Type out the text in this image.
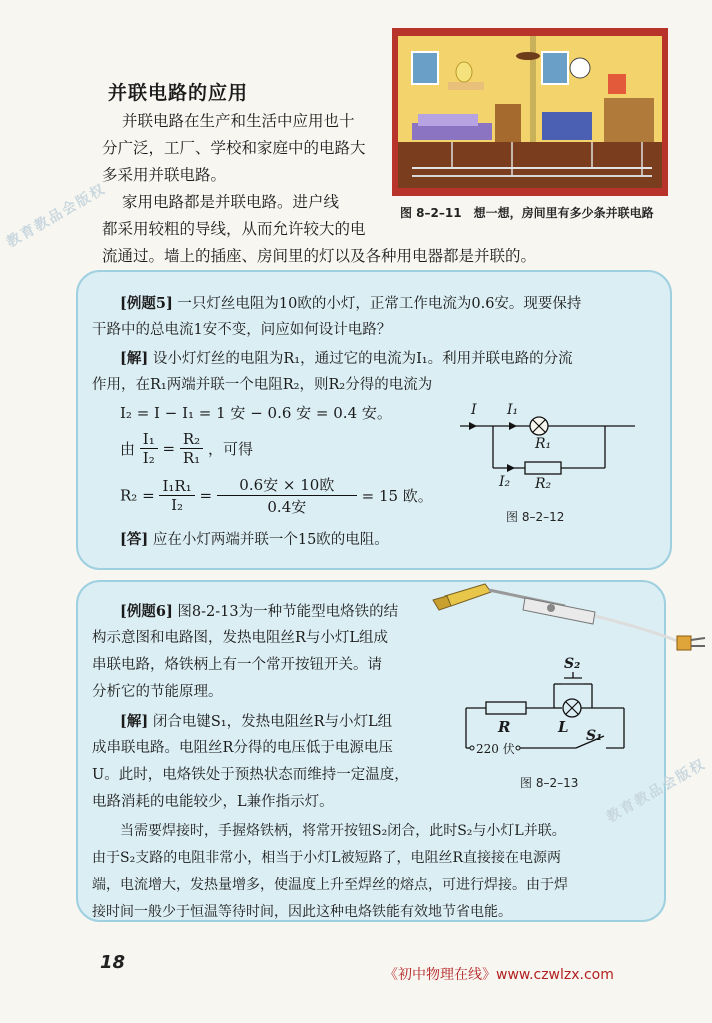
并联电路的应用
并联电路在生产和生活中应用也十
分广泛，工厂、学校和家庭中的电路大
多采用并联电路。
家用电路都是并联电路。进户线
都采用较粗的导线，从而允许较大的电
流通过。墙上的插座、房间里的灯以及各种用电器都是并联的。
图 8–2–11　想一想，房间里有多少条并联电路
教育教品会版权
[例题5] 一只灯丝电阻为10欧的小灯，正常工作电流为0.6安。现要保持
干路中的总电流1安不变，问应如何设计电路？
[解] 设小灯灯丝的电阻为R₁，通过它的电流为I₁。利用并联电路的分流
作用，在R₁两端并联一个电阻R₂，则R₂分得的电流为
I₂ = I − I₁ = 1 安 − 0.6 安 = 0.4 安。
由 $\frac{\text{I₁}}{\text{I₂}} = \frac{\text{R₂}}{\text{R₁}}$ ，可得
$R_2 = \frac{\text{I₁R₁}}{\text{I₂}} = \frac{\text{0.6安 × 10欧}}{\text{0.4安}} = 15$ 欧。
[答] 应在小灯两端并联一个15欧的电阻。
I I₁
R₁
I₂ R₂
图 8–2–12
[例题6] 图8-2-13为一种节能型电烙铁的结
构示意图和电路图，发热电阻丝R与小灯L组成
串联电路，烙铁柄上有一个常开按钮开关。请
分析它的节能原理。
[解] 闭合电键S₁，发热电阻丝R与小灯L组
成串联电路。电阻丝R分得的电压低于电源电压
U。此时，电烙铁处于预热状态而维持一定温度，
电路消耗的电能较少，L兼作指示灯。
当需要焊接时，手握烙铁柄，将常开按钮S₂闭合，此时S₂与小灯L并联。
由于S₂支路的电阻非常小，相当于小灯L被短路了，电阻丝R直接接在电源两
端，电流增大，发热量增多，使温度上升至焊丝的熔点，可进行焊接。由于焊
接时间一般少于恒温等待时间，因此这种电烙铁能有效地节省电能。
S₂
R	L S₁
220 伏
图 8–2–13 教育教品会版权
18
《初中物理在线》www.czwlzx.com
